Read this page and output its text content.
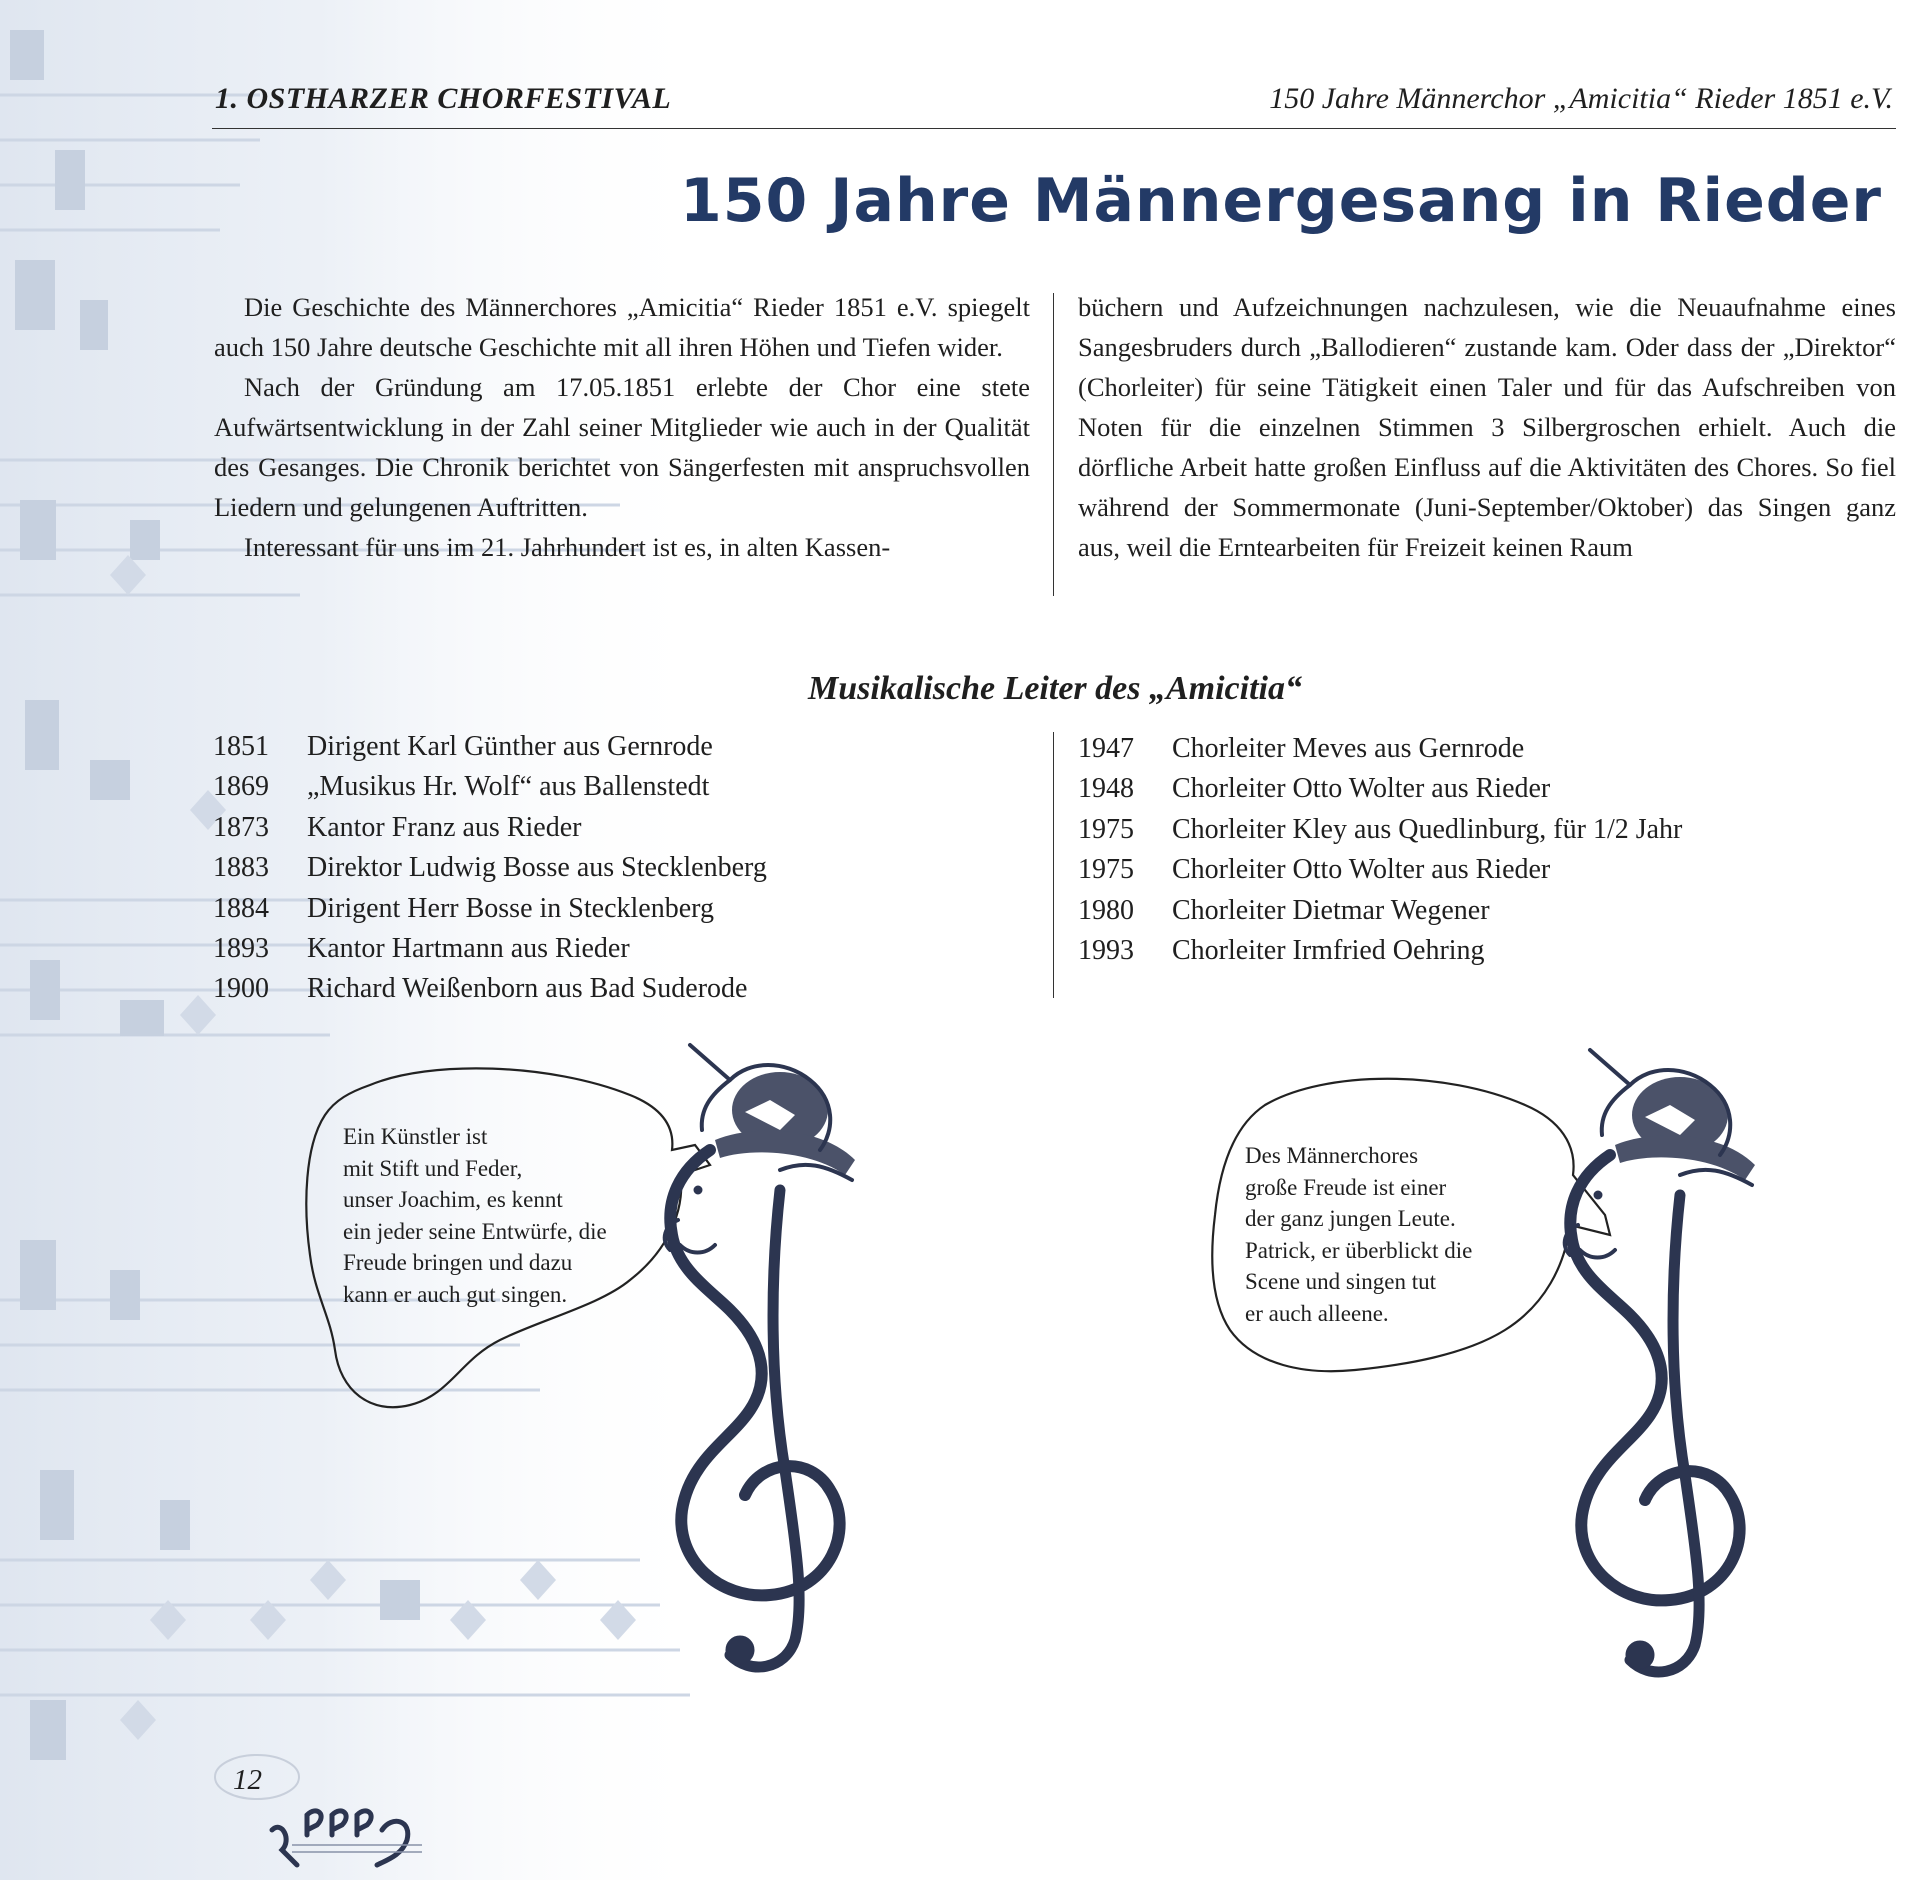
1. OSTHARZER CHORFESTIVAL	150 Jahre Männerchor „Amicitia“ Rieder 1851 e.V.
150 Jahre Männergesang in Rieder

Die Geschichte des Männerchores „Amicitia“ Rieder 1851 e.V. spiegelt auch 150 Jahre deutsche Geschichte mit all ihren Höhen und Tiefen wider.

Nach der Gründung am 17.05.1851 erlebte der Chor eine stete Aufwärtsentwicklung in der Zahl seiner Mitglieder wie auch in der Qualität des Gesanges. Die Chronik berichtet von Sängerfesten mit anspruchsvollen Liedern und gelungenen Auftritten.

Interessant für uns im 21. Jahrhundert ist es, in alten Kassen-

büchern und Aufzeichnungen nachzulesen, wie die Neuaufnahme eines Sangesbruders durch „Ballodieren“ zustande kam. Oder dass der „Direktor“ (Chorleiter) für seine Tätigkeit einen Taler und für das Aufschreiben von Noten für die einzelnen Stimmen 3 Silbergroschen erhielt. Auch die dörfliche Arbeit hatte großen Einfluss auf die Aktivitäten des Chores. So fiel während der Sommermonate (Juni-September/Oktober) das Singen ganz aus, weil die Erntearbeiten für Freizeit keinen Raum

Musikalische Leiter des „Amicitia“
1851	Dirigent Karl Günther aus Gernrode
1869	„Musikus Hr. Wolf“ aus Ballenstedt
1873	Kantor Franz aus Rieder
1883	Direktor Ludwig Bosse aus Stecklenberg
1884	Dirigent Herr Bosse in Stecklenberg
1893	Kantor Hartmann aus Rieder
1900	Richard Weißenborn aus Bad Suderode
1947	Chorleiter Meves aus Gernrode
1948	Chorleiter Otto Wolter aus Rieder
1975	Chorleiter Kley aus Quedlinburg, für 1/2 Jahr
1975	Chorleiter Otto Wolter aus Rieder
1980	Chorleiter Dietmar Wegener
1993	Chorleiter Irmfried Oehring
Ein Künstler ist
mit Stift und Feder,
unser Joachim, es kennt
ein jeder seine Entwürfe, die
Freude bringen und dazu
kann er auch gut singen.
Des Männerchores
große Freude ist einer
der ganz jungen Leute.
Patrick, er überblickt die
Scene und singen tut
er auch alleene.
12
